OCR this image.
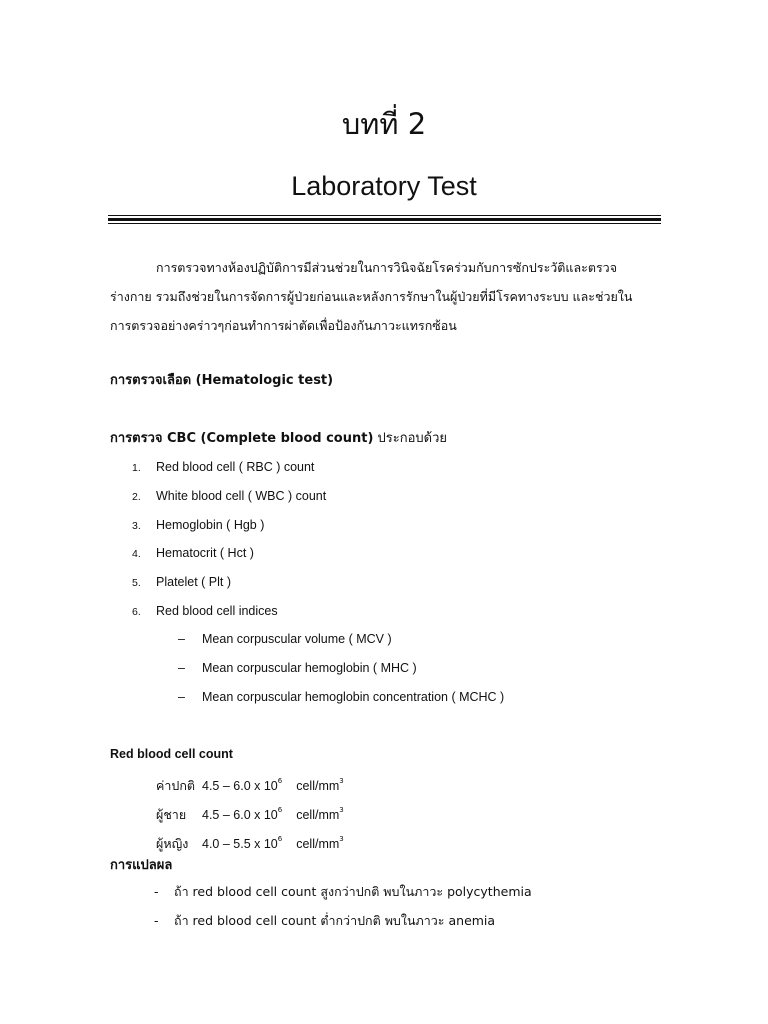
บทที่ 2
Laboratory Test
การตรวจทางห้องปฏิบัติการมีส่วนช่วยในการวินิจฉัยโรคร่วมกับการซักประวัติและตรวจ
ร่างกาย รวมถึงช่วยในการจัดการผู้ป่วยก่อนและหลังการรักษาในผู้ป่วยที่มีโรคทางระบบ และช่วยใน
การตรวจอย่างคร่าวๆก่อนทำการผ่าตัดเพื่อป้องกันภาวะแทรกซ้อน
การตรวจเลือด (Hematologic test)
การตรวจ CBC (Complete blood count) ประกอบด้วย
1. Red blood cell ( RBC ) count
2. White blood cell ( WBC ) count
3. Hemoglobin ( Hgb )
4. Hematocrit ( Hct )
5. Platelet ( Plt )
6. Red blood cell indices
– Mean corpuscular volume ( MCV )
– Mean corpuscular hemoglobin ( MHC )
– Mean corpuscular hemoglobin concentration ( MCHC )
Red blood cell count
ค่าปกติ 4.5 – 6.0 x $10^6$ cell/$mm^3$
ผู้ชาย 4.5 – 6.0 x $10^6$ cell/$mm^3$
ผู้หญิง 4.0 – 5.5 x $10^6$ cell/$mm^3$
การแปลผล
- ถ้า red blood cell count สูงกว่าปกติ พบในภาวะ polycythemia
- ถ้า red blood cell count ต่ำกว่าปกติ พบในภาวะ anemia
